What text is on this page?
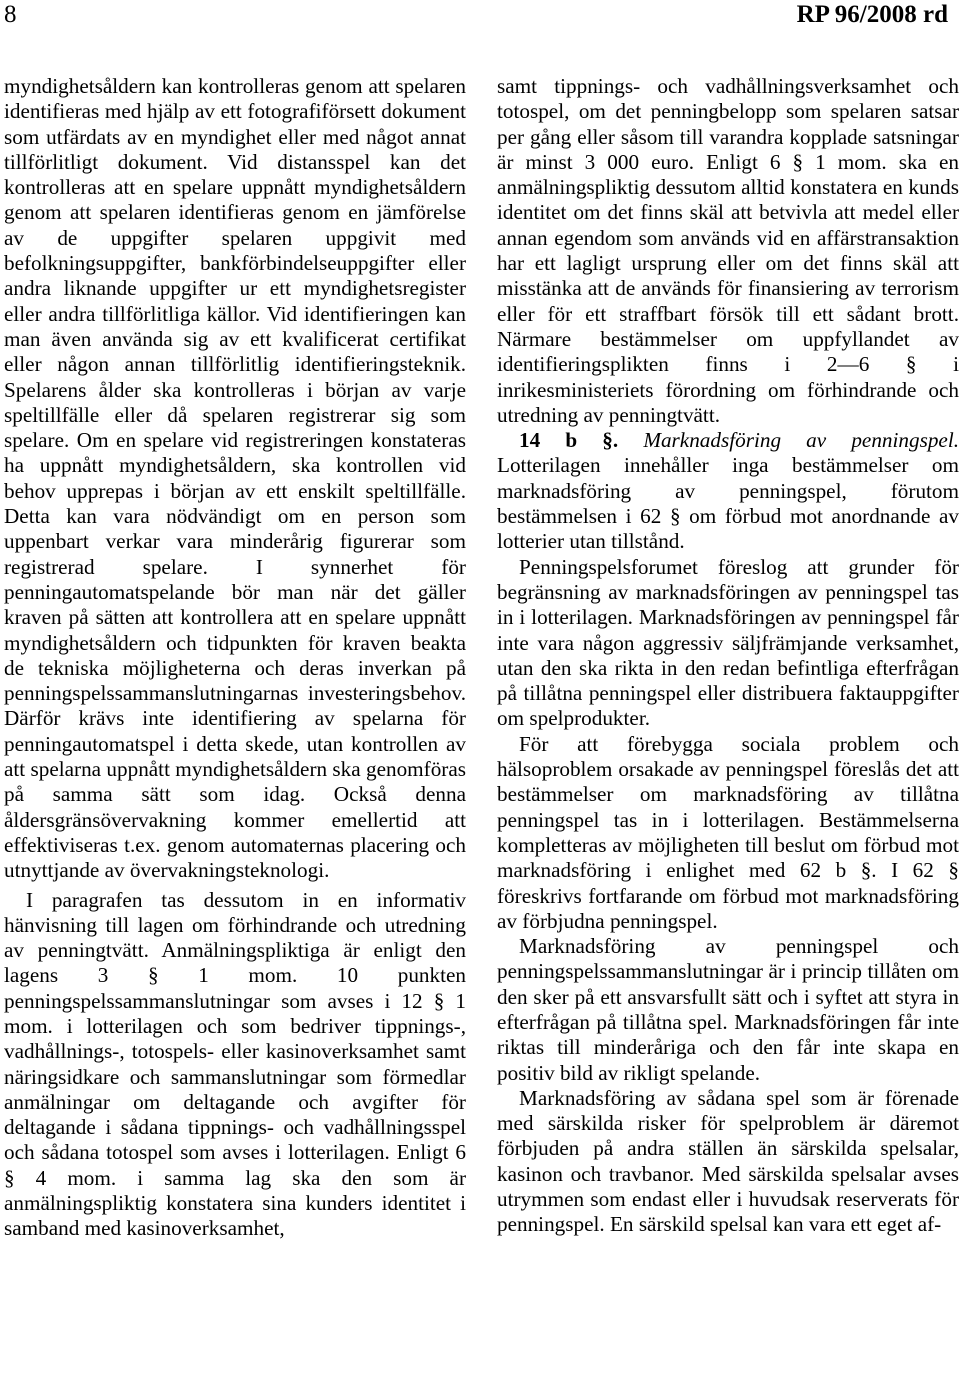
8	RP 96/2008 rd

myndighetsåldern kan kontrolleras genom att spelaren identifieras med hjälp av ett fotografiförsett dokument som utfärdats av en myndighet eller med något annat tillförlitligt dokument. Vid distansspel kan det kontrolleras att en spelare uppnått myndighetsåldern genom att spelaren identifieras genom en jämförelse av de uppgifter spelaren uppgivit med befolkningsuppgifter, bankförbindelseuppgifter eller andra liknande uppgifter ur ett myndighetsregister eller andra tillförlitliga källor. Vid identifieringen kan man även använda sig av ett kvalificerat certifikat eller någon annan tillförlitlig identifieringsteknik. Spelarens ålder ska kontrolleras i början av varje speltillfälle eller då spelaren registrerar sig som spelare. Om en spelare vid registreringen konstateras ha uppnått myndighetsåldern, ska kontrollen vid behov upprepas i början av ett enskilt speltillfälle. Detta kan vara nödvändigt om en person som uppenbart verkar vara minderårig figurerar som registrerad spelare. I synnerhet för penningautomatspelande bör man när det gäller kraven på sätten att kontrollera att en spelare uppnått myndighetsåldern och tidpunkten för kraven beakta de tekniska möjligheterna och deras inverkan på penningspelssammanslutningarnas investeringsbehov. Därför krävs inte identifiering av spelarna för penningautomatspel i detta skede, utan kontrollen av att spelarna uppnått myndighetsåldern ska genomföras på samma sätt som idag. Också denna åldersgränsövervakning kommer emellertid att effektiviseras t.ex. genom automaternas placering och utnyttjande av övervakningsteknologi.

I paragrafen tas dessutom in en informativ hänvisning till lagen om förhindrande och utredning av penningtvätt. Anmälningspliktiga är enligt den lagens 3 § 1 mom. 10 punkten penningspelssammanslutningar som avses i 12 § 1 mom. i lotterilagen och som bedriver tippnings-, vadhållnings-, totospels- eller kasinoverksamhet samt näringsidkare och sammanslutningar som förmedlar anmälningar om deltagande och avgifter för deltagande i sådana tippnings- och vadhållningsspel och sådana totospel som avses i lotterilagen. Enligt 6 § 4 mom. i samma lag ska den som är anmälningspliktig konstatera sina kunders identitet i samband med kasinoverksamhet,

samt tippnings- och vadhållningsverksamhet och totospel, om det penningbelopp som spelaren satsar per gång eller såsom till varandra kopplade satsningar är minst 3 000 euro. Enligt 6 § 1 mom. ska en anmälningspliktig dessutom alltid konstatera en kunds identitet om det finns skäl att betvivla att medel eller annan egendom som används vid en affärstransaktion har ett lagligt ursprung eller om det finns skäl att misstänka att de används för finansiering av terrorism eller för ett straffbart försök till ett sådant brott. Närmare bestämmelser om uppfyllandet av identifieringsplikten finns i 2—6 § i inrikesministeriets förordning om förhindrande och utredning av penningtvätt.

14 b §. Marknadsföring av penningspel. Lotterilagen innehåller inga bestämmelser om marknadsföring av penningspel, förutom bestämmelsen i 62 § om förbud mot anordnande av lotterier utan tillstånd.

Penningspelsforumet föreslog att grunder för begränsning av marknadsföringen av penningspel tas in i lotterilagen. Marknadsföringen av penningspel får inte vara någon aggressiv säljfrämjande verksamhet, utan den ska rikta in den redan befintliga efterfrågan på tillåtna penningspel eller distribuera faktauppgifter om spelprodukter.

För att förebygga sociala problem och hälsoproblem orsakade av penningspel föreslås det att bestämmelser om marknadsföring av tillåtna penningspel tas in i lotterilagen. Bestämmelserna kompletteras av möjligheten till beslut om förbud mot marknadsföring i enlighet med 62 b §. I 62 § föreskrivs fortfarande om förbud mot marknadsföring av förbjudna penningspel.

Marknadsföring av penningspel och penningspelssammanslutningar är i princip tillåten om den sker på ett ansvarsfullt sätt och i syftet att styra in efterfrågan på tillåtna spel. Marknadsföringen får inte riktas till minderåriga och den får inte skapa en positiv bild av rikligt spelande.

Marknadsföring av sådana spel som är förenade med särskilda risker för spelproblem är däremot förbjuden på andra ställen än särskilda spelsalar, kasinon och travbanor. Med särskilda spelsalar avses utrymmen som endast eller i huvudsak reserverats för penningspel. En särskild spelsal kan vara ett eget af-
